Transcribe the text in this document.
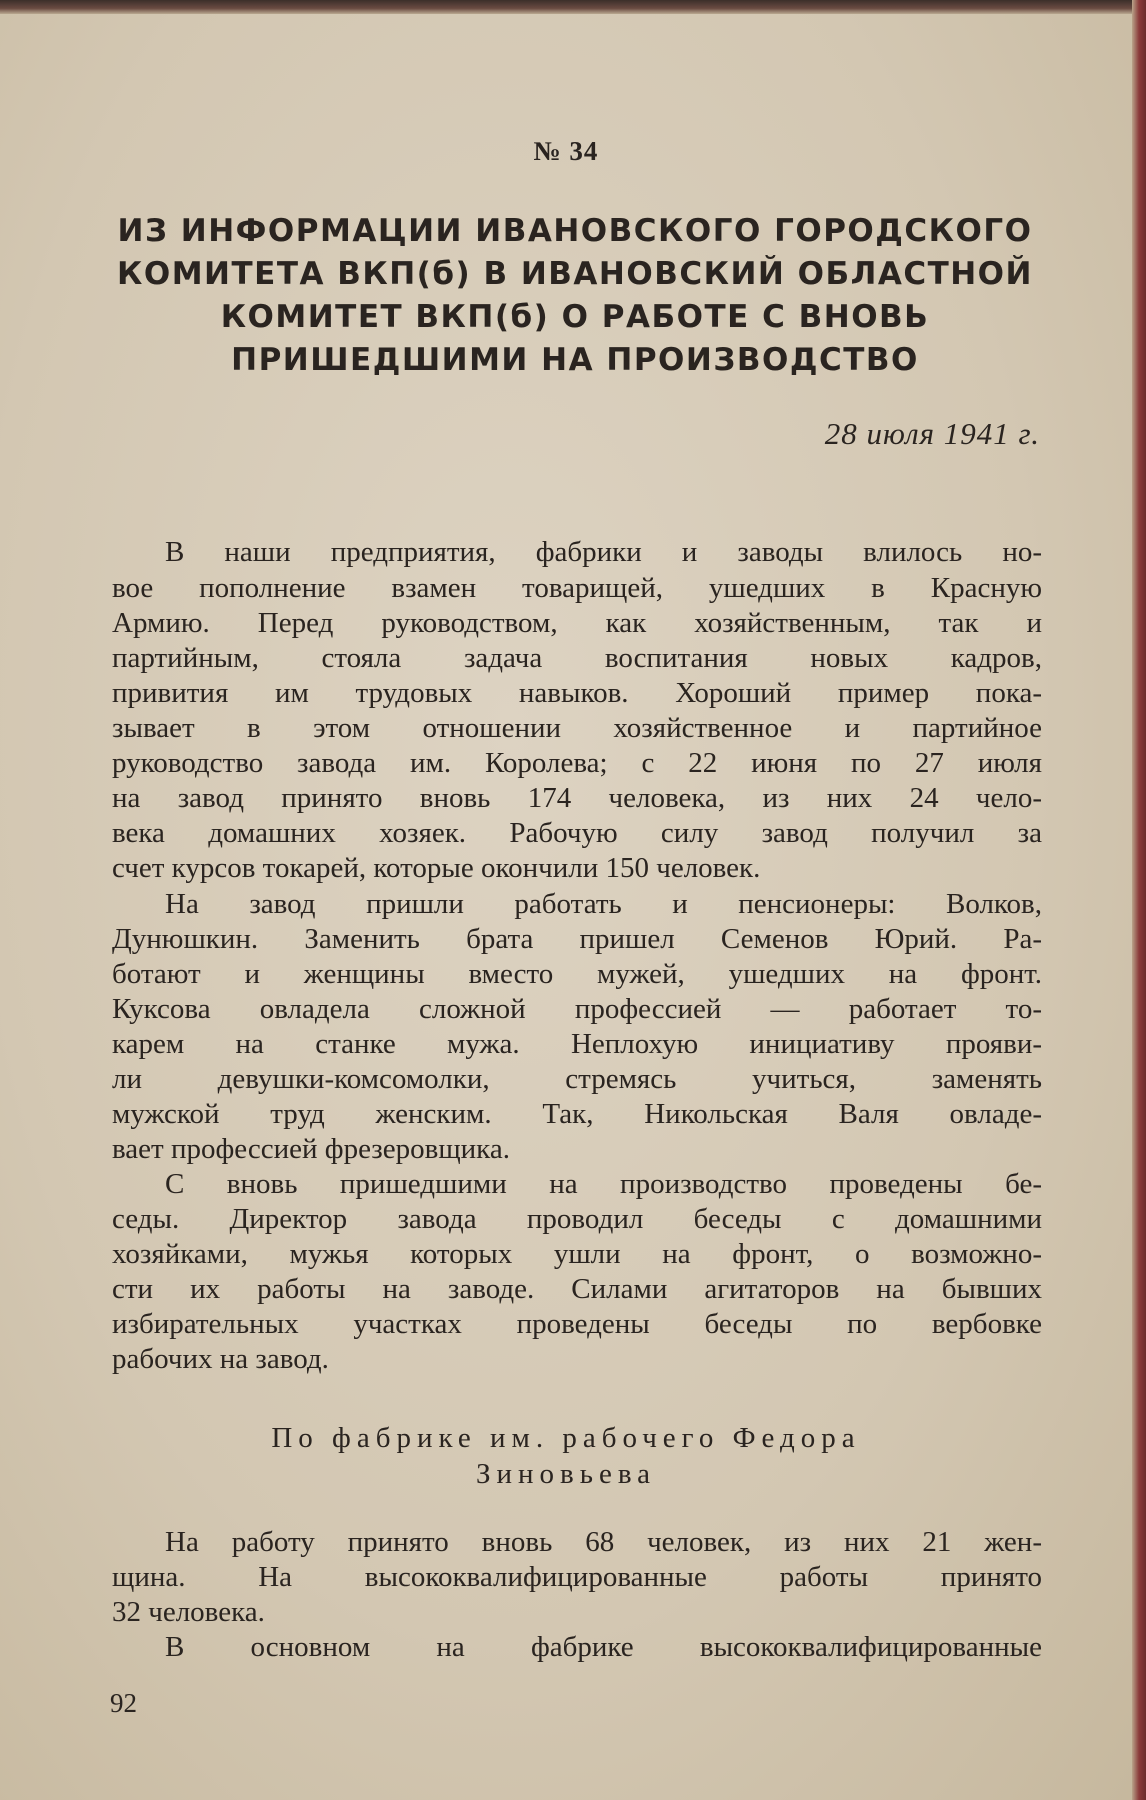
№ 34
ИЗ ИНФОРМАЦИИ ИВАНОВСКОГО ГОРОДСКОГО
КОМИТЕТА ВКП(б) В ИВАНОВСКИЙ ОБЛАСТНОЙ
КОМИТЕТ ВКП(б) О РАБОТЕ С ВНОВЬ
ПРИШЕДШИМИ НА ПРОИЗВОДСТВО
28 июля 1941 г.
В наши предприятия, фабрики и заводы влилось но-
вое пополнение взамен товарищей, ушедших в Красную
Армию. Перед руководством, как хозяйственным, так и
партийным, стояла задача воспитания новых кадров,
привития им трудовых навыков. Хороший пример пока-
зывает в этом отношении хозяйственное и партийное
руководство завода им. Королева; с 22 июня по 27 июля
на завод принято вновь 174 человека, из них 24 чело-
века домашних хозяек. Рабочую силу завод получил за
счет курсов токарей, которые окончили 150 человек.
На завод пришли работать и пенсионеры: Волков,
Дунюшкин. Заменить брата пришел Семенов Юрий. Ра-
ботают и женщины вместо мужей, ушедших на фронт.
Куксова овладела сложной профессией — работает то-
карем на станке мужа. Неплохую инициативу прояви-
ли девушки-комсомолки, стремясь учиться, заменять
мужской труд женским. Так, Никольская Валя овладе-
вает профессией фрезеровщика.
С вновь пришедшими на производство проведены бе-
седы. Директор завода проводил беседы с домашними
хозяйками, мужья которых ушли на фронт, о возможно-
сти их работы на заводе. Силами агитаторов на бывших
избирательных участках проведены беседы по вербовке
рабочих на завод.
По фабрике им. рабочего Федора
Зиновьева
На работу принято вновь 68 человек, из них 21 жен-
щина. На высококвалифицированные работы принято
32 человека.
В основном на фабрике высококвалифицированные
92
